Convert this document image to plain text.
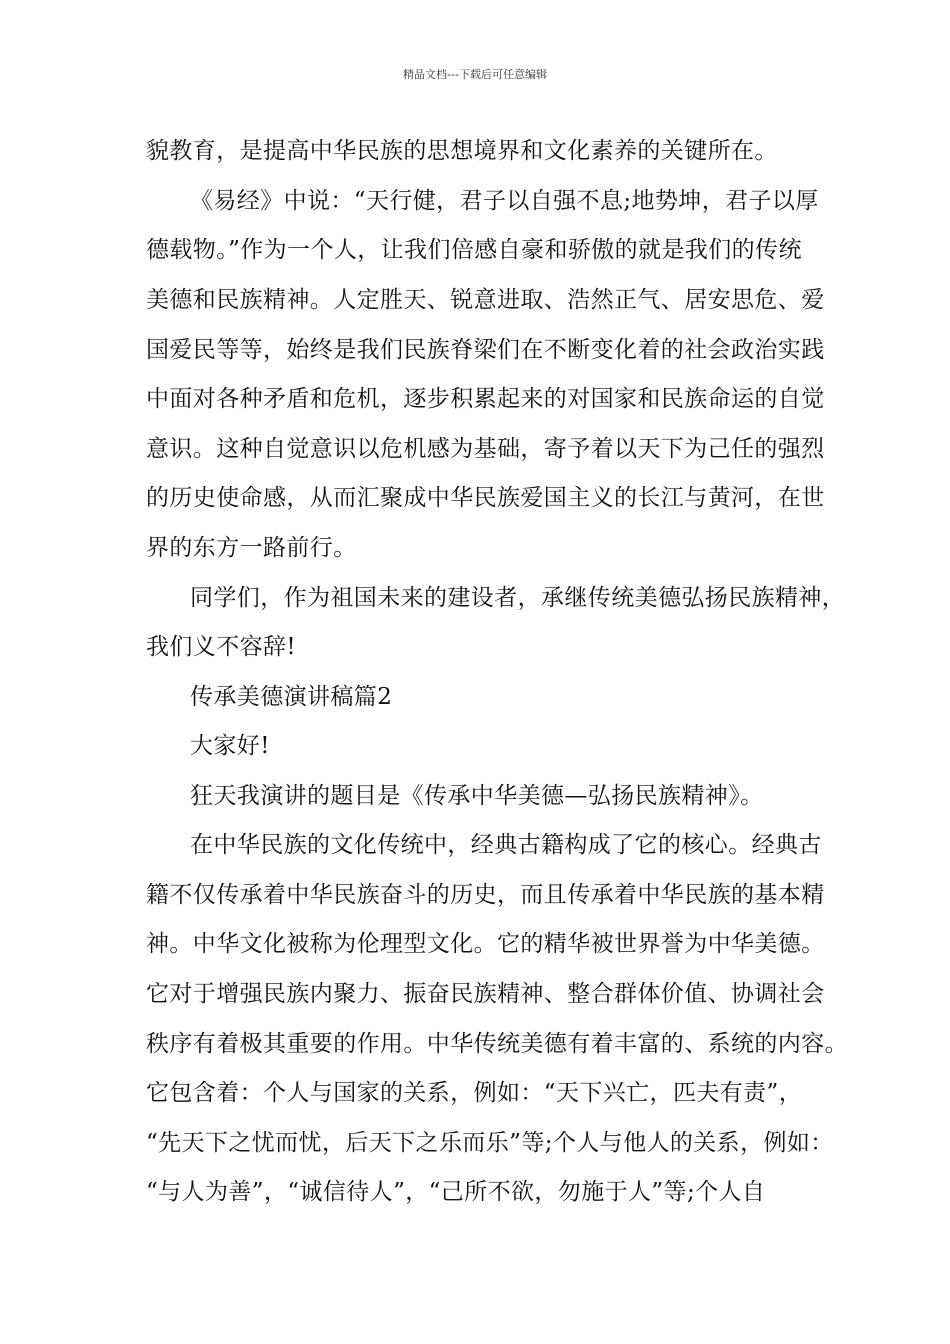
精品文档---下载后可任意编辑
貌教育，是提高中华民族的思想境界和文化素养的关键所在。
《易经》中说：“天行健，君子以自强不息;地势坤，君子以厚
德载物。”作为一个人，让我们倍感自豪和骄傲的就是我们的传统
美德和民族精神。人定胜天、锐意进取、浩然正气、居安思危、爱
国爱民等等，始终是我们民族脊梁们在不断变化着的社会政治实践
中面对各种矛盾和危机，逐步积累起来的对国家和民族命运的自觉
意识。这种自觉意识以危机感为基础，寄予着以天下为己任的强烈
的历史使命感，从而汇聚成中华民族爱国主义的长江与黄河，在世
界的东方一路前行。
同学们，作为祖国未来的建设者，承继传统美德弘扬民族精神，
我们义不容辞!
传承美德演讲稿篇2
大家好!
狂天我演讲的题目是《传承中华美德—弘扬民族精神》。
在中华民族的文化传统中，经典古籍构成了它的核心。经典古
籍不仅传承着中华民族奋斗的历史，而且传承着中华民族的基本精
神。中华文化被称为伦理型文化。它的精华被世界誉为中华美德。
它对于增强民族内聚力、振奋民族精神、整合群体价值、协调社会
秩序有着极其重要的作用。中华传统美德有着丰富的、系统的内容。
它包含着：个人与国家的关系，例如：“天下兴亡，匹夫有责”，
“先天下之忧而忧，后天下之乐而乐”等;个人与他人的关系，例如：
“与人为善”，“诚信待人”，“己所不欲，勿施于人”等;个人自
